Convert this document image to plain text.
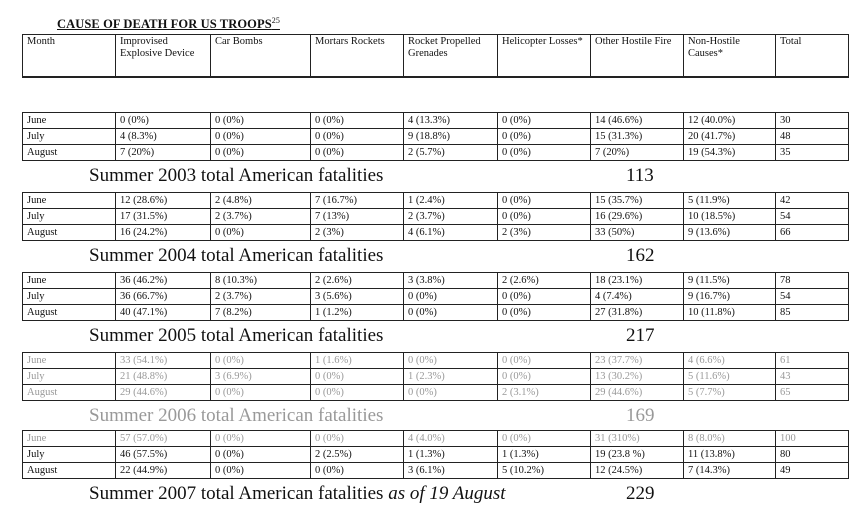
CAUSE OF DEATH FOR US TROOPS$^{25}$
Month	Improvised Explosive Device	Car Bombs	Mortars Rockets	Rocket Propelled Grenades	Helicopter Losses*	Other Hostile Fire	Non-Hostile Causes*	Total
June	0 (0%)	0 (0%)	0 (0%)	4 (13.3%)	0 (0%)	14 (46.6%)	12 (40.0%)	30
July	4 (8.3%)	0 (0%)	0 (0%)	9 (18.8%)	0 (0%)	15 (31.3%)	20 (41.7%)	48
August	7 (20%)	0 (0%)	0 (0%)	2 (5.7%)	0 (0%)	7 (20%)	19 (54.3%)	35
Summer 2003 total American fatalities	113
June	12 (28.6%)	2 (4.8%)	7 (16.7%)	1 (2.4%)	0 (0%)	15 (35.7%)	5 (11.9%)	42
July	17 (31.5%)	2 (3.7%)	7 (13%)	2 (3.7%)	0 (0%)	16 (29.6%)	10 (18.5%)	54
August	16 (24.2%)	0 (0%)	2 (3%)	4 (6.1%)	2 (3%)	33 (50%)	9 (13.6%)	66
Summer 2004 total American fatalities	162
June	36 (46.2%)	8 (10.3%)	2 (2.6%)	3 (3.8%)	2 (2.6%)	18 (23.1%)	9 (11.5%)	78
July	36 (66.7%)	2 (3.7%)	3 (5.6%)	0 (0%)	0 (0%)	4 (7.4%)	9 (16.7%)	54
August	40 (47.1%)	7 (8.2%)	1 (1.2%)	0 (0%)	0 (0%)	27 (31.8%)	10 (11.8%)	85
Summer 2005 total American fatalities	217
June	33 (54.1%)	0 (0%)	1 (1.6%)	0 (0%)	0 (0%)	23 (37.7%)	4 (6.6%)	61
July	21 (48.8%)	3 (6.9%)	0 (0%)	1 (2.3%)	0 (0%)	13 (30.2%)	5 (11.6%)	43
August	29 (44.6%)	0 (0%)	0 (0%)	0 (0%)	2 (3.1%)	29 (44.6%)	5 (7.7%)	65
Summer 2006 total American fatalities	169
June	57 (57.0%)	0 (0%)	0 (0%)	4 (4.0%)	0 (0%)	31 (310%)	8 (8.0%)	100
July	46 (57.5%)	0 (0%)	2 (2.5%)	1 (1.3%)	1 (1.3%)	19 (23.8 %)	11 (13.8%)	80
August	22 (44.9%)	0 (0%)	0 (0%)	3 (6.1%)	5 (10.2%)	12 (24.5%)	7 (14.3%)	49
Summer 2007 total American fatalities as of 19 August	229
